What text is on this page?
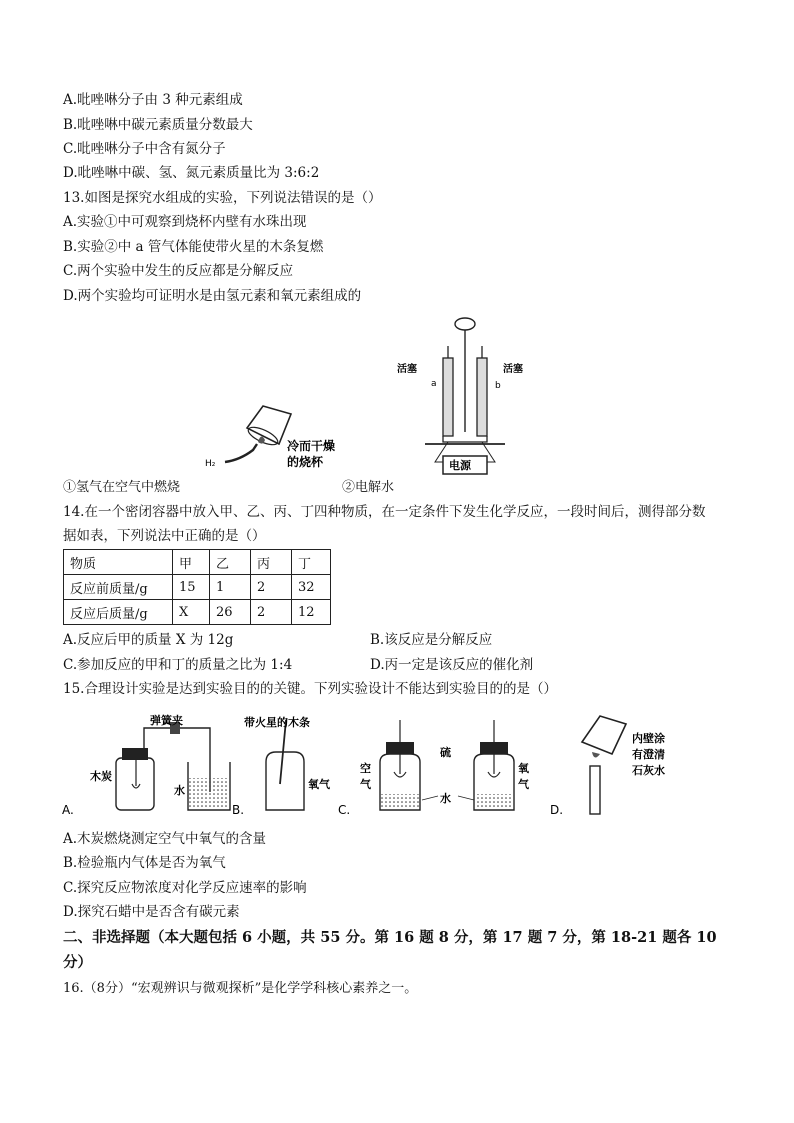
A.吡唑啉分子由 3 种元素组成
B.吡唑啉中碳元素质量分数最大
C.吡唑啉分子中含有氮分子
D.吡唑啉中碳、氢、氮元素质量比为 3:6:2
13.如图是探究水组成的实验，下列说法错误的是（）
A.实验①中可观察到烧杯内壁有水珠出现
B.实验②中 a 管气体能使带火星的木条复燃
C.两个实验中发生的反应都是分解反应
D.两个实验均可证明水是由氢元素和氧元素组成的
H₂
冷而干燥
的烧杯
①氢气在空气中燃烧
电源
活塞	活塞
a	b
②电解水
14.在一个密闭容器中放入甲、乙、丙、丁四种物质，在一定条件下发生化学反应，一段时间后，测得部分数
据如表，下列说法中正确的是（）
物质	甲	乙	丙	丁
反应前质量/g	15	1	2	32
反应后质量/g	X	26	2	12
A.反应后甲的质量 X 为 12g	B.该反应是分解反应
C.参加反应的甲和丁的质量之比为 1:4	D.丙一定是该反应的催化剂
15.合理设计实验是达到实验目的的关键。下列实验设计不能达到实验目的的是（）
弹簧夹
木炭
水
A.
带火星的木条
氧气
B.
空
气
硫
水
氧
气
C.
内壁涂
有澄清
石灰水
D.
A.木炭燃烧测定空气中氧气的含量
B.检验瓶内气体是否为氧气
C.探究反应物浓度对化学反应速率的影响
D.探究石蜡中是否含有碳元素
二、非选择题（本大题包括 6 小题，共 55 分。第 16 题 8 分，第 17 题 7 分，第 18-21 题各 10
分）
16.（8分）“宏观辨识与微观探析”是化学学科核心素养之一。
